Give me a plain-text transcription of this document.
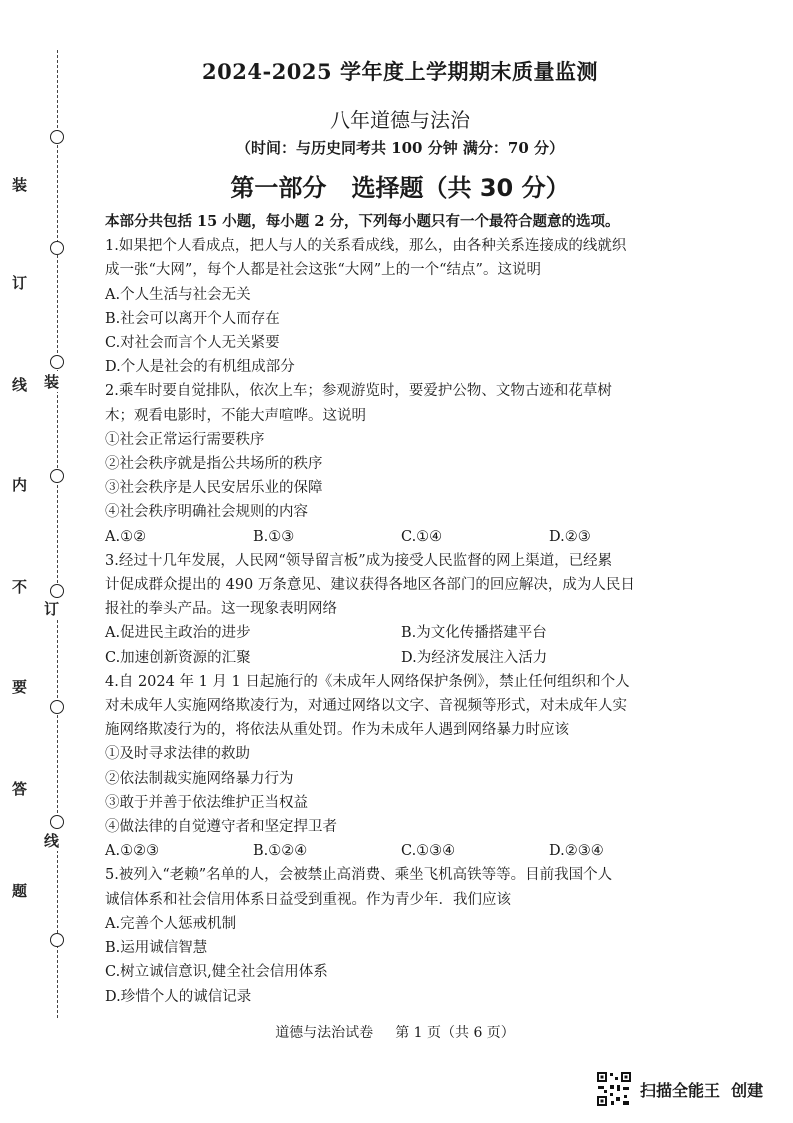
装
订
线
内
不
要
答
题
装
订
线
2024-2025 学年度上学期期末质量监测
八年道德与法治
（时间：与历史同考共 100 分钟 满分：70 分）
第一部分   选择题（共 30 分）
本部分共包括 15 小题，每小题 2 分，下列每小题只有一个最符合题意的选项。
1.如果把个人看成点，把人与人的关系看成线，那么，由各种关系连接成的线就织
成一张“大网”，每个人都是社会这张“大网”上的一个“结点”。这说明
A.个人生活与社会无关
B.社会可以离开个人而存在
C.对社会而言个人无关紧要
D.个人是社会的有机组成部分
2.乘车时要自觉排队，依次上车；参观游览时，要爱护公物、文物古迹和花草树
木；观看电影时，不能大声喧哗。这说明
①社会正常运行需要秩序
②社会秩序就是指公共场所的秩序
③社会秩序是人民安居乐业的保障
④社会秩序明确社会规则的内容
A.①②	B.①③	C.①④	D.②③
3.经过十几年发展，人民网“领导留言板”成为接受人民监督的网上渠道，已经累
计促成群众提出的 490 万条意见、建议获得各地区各部门的回应解决，成为人民日
报社的拳头产品。这一现象表明网络
A.促进民主政治的进步	B.为文化传播搭建平台
C.加速创新资源的汇聚	D.为经济发展注入活力
4.自 2024 年 1 月 1 日起施行的《未成年人网络保护条例》，禁止任何组织和个人
对未成年人实施网络欺凌行为，对通过网络以文字、音视频等形式，对未成年人实
施网络欺凌行为的，将依法从重处罚。作为未成年人遇到网络暴力时应该
①及时寻求法律的救助
②依法制裁实施网络暴力行为
③敢于并善于依法维护正当权益
④做法律的自觉遵守者和坚定捍卫者
A.①②③	B.①②④	C.①③④	D.②③④
5.被列入“老赖”名单的人，会被禁止高消费、乘坐飞机高铁等等。目前我国个人
诚信体系和社会信用体系日益受到重视。作为青少年．我们应该
A.完善个人惩戒机制
B.运用诚信智慧
C.树立诚信意识,健全社会信用体系
D.珍惜个人的诚信记录
道德与法治试卷 第 1 页（共 6 页）
扫描全能王  创建
